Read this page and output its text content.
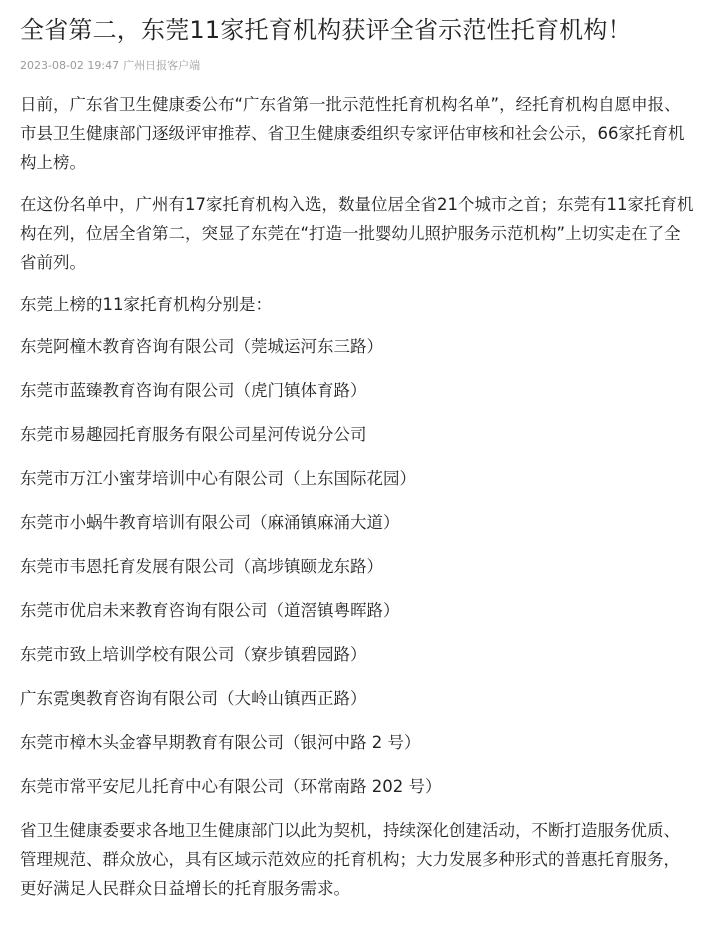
全省第二，东莞11家托育机构获评全省示范性托育机构！
2023-08-02 19:47 广州日报客户端

日前，广东省卫生健康委公布“广东省第一批示范性托育机构名单”，经托育机构自愿申报、市县卫生健康部门逐级评审推荐、省卫生健康委组织专家评估审核和社会公示，66家托育机构上榜。

在这份名单中，广州有17家托育机构入选，数量位居全省21个城市之首；东莞有11家托育机构在列，位居全省第二，突显了东莞在“打造一批婴幼儿照护服务示范机构”上切实走在了全省前列。

东莞上榜的11家托育机构分别是：

东莞阿橦木教育咨询有限公司（莞城运河东三路）

东莞市蓝臻教育咨询有限公司（虎门镇体育路）

东莞市易趣园托育服务有限公司星河传说分公司

东莞市万江小蜜芽培训中心有限公司（上东国际花园）

东莞市小蜗牛教育培训有限公司（麻涌镇麻涌大道）

东莞市韦恩托育发展有限公司（高埗镇颐龙东路）

东莞市优启未来教育咨询有限公司（道滘镇粤晖路）

东莞市致上培训学校有限公司（寮步镇碧园路）

广东霓奥教育咨询有限公司（大岭山镇西正路）

东莞市樟木头金睿早期教育有限公司（银河中路 2 号）

东莞市常平安尼儿托育中心有限公司（环常南路 202 号）

省卫生健康委要求各地卫生健康部门以此为契机，持续深化创建活动，不断打造服务优质、管理规范、群众放心，具有区域示范效应的托育机构；大力发展多种形式的普惠托育服务，更好满足人民群众日益增长的托育服务需求。
